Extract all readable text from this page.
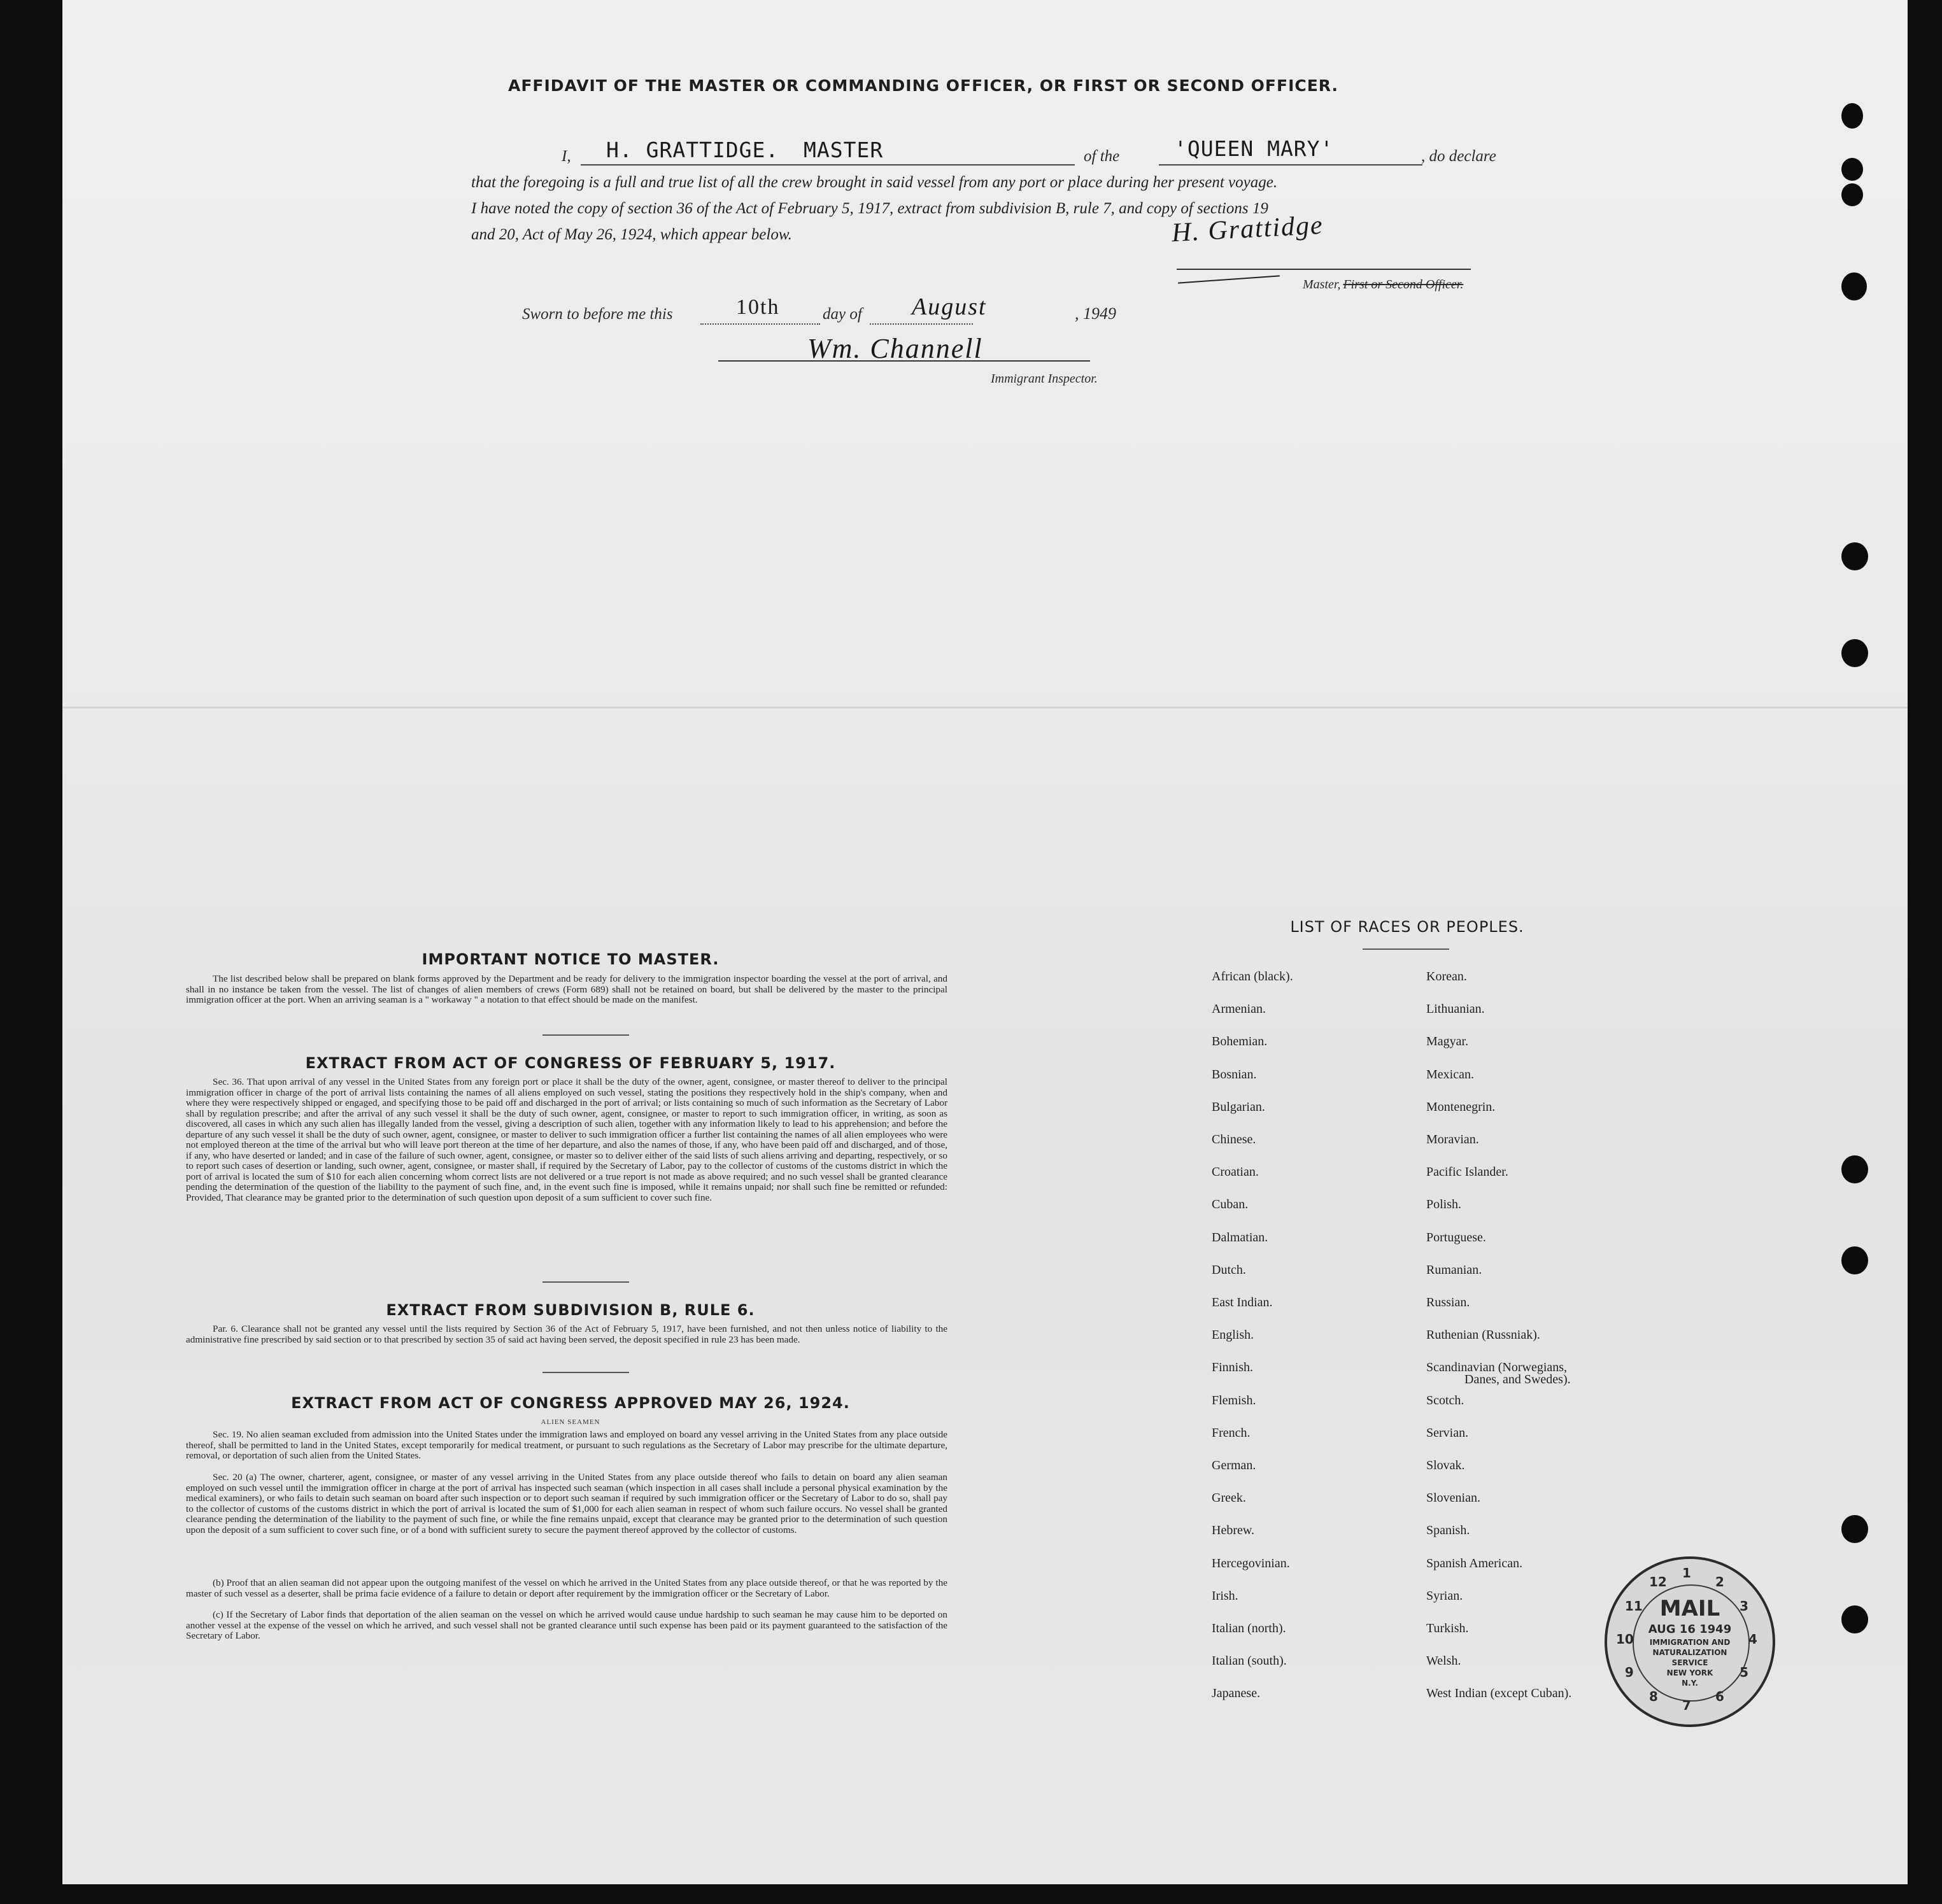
AFFIDAVIT OF THE MASTER OR COMMANDING OFFICER, OR FIRST OR SECOND OFFICER.
I, H. GRATTIDGE. MASTER	of the	'QUEEN MARY'	, do declare
that the foregoing is a full and true list of all the crew brought in said vessel from any port or place during her present voyage.
I have noted the copy of section 36 of the Act of February 5, 1917, extract from subdivision B, rule 7, and copy of sections 19
and 20, Act of May 26, 1924, which appear below.	H. Grattidge
Master, First or Second Officer.
Sworn to before me this	10th	day of August	, 1949
Wm. Channell
Immigrant Inspector.
IMPORTANT NOTICE TO MASTER.
The list described below shall be prepared on blank forms approved by the Department and be ready for delivery to the immigration inspector boarding the vessel at the port of arrival, and shall in no instance be taken from the vessel. The list of changes of alien members of crews (Form 689) shall not be retained on board, but shall be delivered by the master to the principal immigration officer at the port. When an arriving seaman is a " workaway " a notation to that effect should be made on the manifest.
EXTRACT FROM ACT OF CONGRESS OF FEBRUARY 5, 1917.
Sec. 36. That upon arrival of any vessel in the United States from any foreign port or place it shall be the duty of the owner, agent, consignee, or master thereof to deliver to the principal immigration officer in charge of the port of arrival lists containing the names of all aliens employed on such vessel, stating the positions they respectively hold in the ship's company, when and where they were respectively shipped or engaged, and specifying those to be paid off and discharged in the port of arrival; or lists containing so much of such information as the Secretary of Labor shall by regulation prescribe; and after the arrival of any such vessel it shall be the duty of such owner, agent, consignee, or master to report to such immigration officer, in writing, as soon as discovered, all cases in which any such alien has illegally landed from the vessel, giving a description of such alien, together with any information likely to lead to his apprehension; and before the departure of any such vessel it shall be the duty of such owner, agent, consignee, or master to deliver to such immigration officer a further list containing the names of all alien employees who were not employed thereon at the time of the arrival but who will leave port thereon at the time of her departure, and also the names of those, if any, who have been paid off and discharged, and of those, if any, who have deserted or landed; and in case of the failure of such owner, agent, consignee, or master so to deliver either of the said lists of such aliens arriving and departing, respectively, or so to report such cases of desertion or landing, such owner, agent, consignee, or master shall, if required by the Secretary of Labor, pay to the collector of customs of the customs district in which the port of arrival is located the sum of $10 for each alien concerning whom correct lists are not delivered or a true report is not made as above required; and no such vessel shall be granted clearance pending the determination of the question of the liability to the payment of such fine, and, in the event such fine is imposed, while it remains unpaid; nor shall such fine be remitted or refunded: Provided, That clearance may be granted prior to the determination of such question upon deposit of a sum sufficient to cover such fine.
EXTRACT FROM SUBDIVISION B, RULE 6.
Par. 6. Clearance shall not be granted any vessel until the lists required by Section 36 of the Act of February 5, 1917, have been furnished, and not then unless notice of liability to the administrative fine prescribed by said section or to that prescribed by section 35 of said act having been served, the deposit specified in rule 23 has been made.
EXTRACT FROM ACT OF CONGRESS APPROVED MAY 26, 1924.
ALIEN SEAMEN
Sec. 19. No alien seaman excluded from admission into the United States under the immigration laws and employed on board any vessel arriving in the United States from any place outside thereof, shall be permitted to land in the United States, except temporarily for medical treatment, or pursuant to such regulations as the Secretary of Labor may prescribe for the ultimate departure, removal, or deportation of such alien from the United States.
Sec. 20 (a) The owner, charterer, agent, consignee, or master of any vessel arriving in the United States from any place outside thereof who fails to detain on board any alien seaman employed on such vessel until the immigration officer in charge at the port of arrival has inspected such seaman (which inspection in all cases shall include a personal physical examination by the medical examiners), or who fails to detain such seaman on board after such inspection or to deport such seaman if required by such immigration officer or the Secretary of Labor to do so, shall pay to the collector of customs of the customs district in which the port of arrival is located the sum of $1,000 for each alien seaman in respect of whom such failure occurs. No vessel shall be granted clearance pending the determination of the liability to the payment of such fine, or while the fine remains unpaid, except that clearance may be granted prior to the determination of such question upon the deposit of a sum sufficient to cover such fine, or of a bond with sufficient surety to secure the payment thereof approved by the collector of customs.
(b) Proof that an alien seaman did not appear upon the outgoing manifest of the vessel on which he arrived in the United States from any place outside thereof, or that he was reported by the master of such vessel as a deserter, shall be prima facie evidence of a failure to detain or deport after requirement by the immigration officer or the Secretary of Labor.
(c) If the Secretary of Labor finds that deportation of the alien seaman on the vessel on which he arrived would cause undue hardship to such seaman he may cause him to be deported on another vessel at the expense of the vessel on which he arrived, and such vessel shall not be granted clearance until such expense has been paid or its payment guaranteed to the satisfaction of the Secretary of Labor.
LIST OF RACES OR PEOPLES.
African (black).
Armenian.
Bohemian.
Bosnian.
Bulgarian.
Chinese.
Croatian.
Cuban.
Dalmatian.
Dutch.
East Indian.
English.
Finnish.
Flemish.
French.
German.
Greek.
Hebrew.
Hercegovinian.
Irish.
Italian (north).
Italian (south).
Japanese.
Korean.
Lithuanian.
Magyar.
Mexican.
Montenegrin.
Moravian.
Pacific Islander.
Polish.
Portuguese.
Rumanian.
Russian.
Ruthenian (Russniak).
Scandinavian (Norwegians,
Scotch.
Servian.
Slovak.
Slovenian.
Spanish.
Spanish American.
Syrian.
Turkish.
Welsh.
West Indian (except Cuban).
Danes, and Swedes).
1
2
3
4
5
6
7
8
9
10
11
12
MAIL
AUG 16 1949
IMMIGRATION AND
NATURALIZATION
SERVICE
NEW YORK
N.Y.
